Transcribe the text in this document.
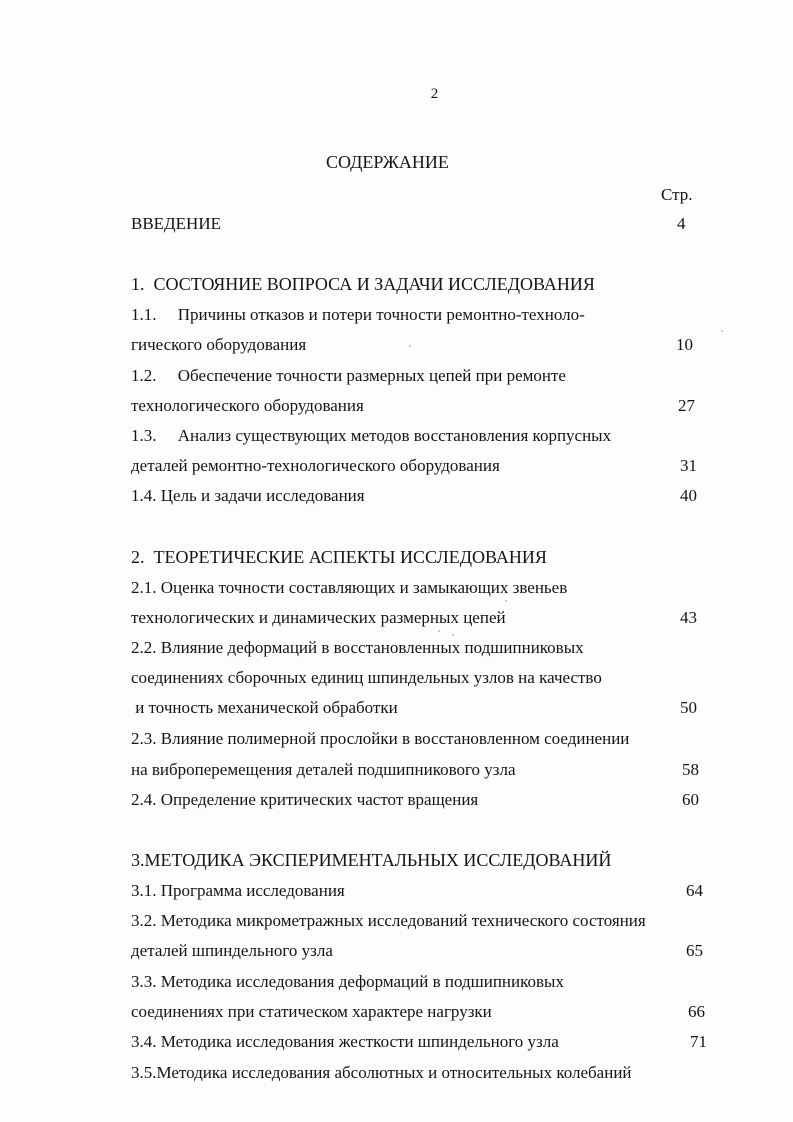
2
СОДЕРЖАНИЕ
Стр.
ВВЕДЕНИЕ	4
1.  СОСТОЯНИЕ ВОПРОСА И ЗАДАЧИ ИССЛЕДОВАНИЯ
1.1.     Причины отказов и потери точности ремонтно-техноло-
гического оборудования	10
1.2.     Обеспечение точности размерных цепей при ремонте
технологического оборудования	27
1.3.     Анализ существующих методов восстановления корпусных
деталей ремонтно-технологического оборудования	31
1.4. Цель и задачи исследования	40
2.  ТЕОРЕТИЧЕСКИЕ АСПЕКТЫ ИССЛЕДОВАНИЯ
2.1. Оценка точности составляющих и замыкающих звеньев
технологических и динамических размерных цепей	43
2.2. Влияние деформаций в восстановленных подшипниковых
соединениях сборочных единиц шпиндельных узлов на качество
и точность механической обработки	50
2.3. Влияние полимерной прослойки в восстановленном соединении
на виброперемещения деталей подшипникового узла	58
2.4. Определение критических частот вращения	60
3.МЕТОДИКА ЭКСПЕРИМЕНТАЛЬНЫХ ИССЛЕДОВАНИЙ
3.1. Программа исследования	64
3.2. Методика микрометражных исследований технического состояния
деталей шпиндельного узла	65
3.3. Методика исследования деформаций в подшипниковых
соединениях при статическом характере нагрузки	66
3.4. Методика исследования жесткости шпиндельного узла	71
3.5.Методика исследования абсолютных и относительных колебаний
